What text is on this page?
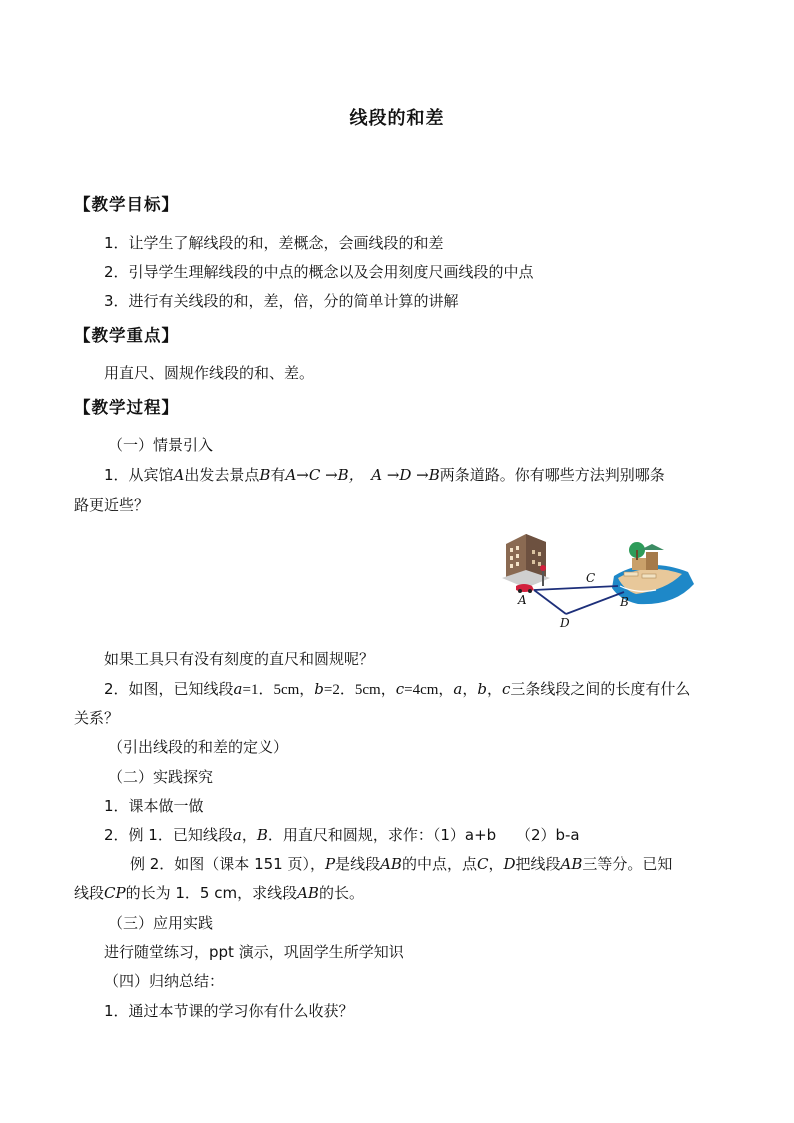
线段的和差
【教学目标】
1．让学生了解线段的和，差概念，会画线段的和差
2．引导学生理解线段的中点的概念以及会用刻度尺画线段的中点
3．进行有关线段的和，差，倍，分的简单计算的讲解
【教学重点】
用直尺、圆规作线段的和、差。
【教学过程】
（一）情景引入
1．从宾馆A出发去景点B有A→C →B，　 A →D →B两条道路。你有哪些方法判别哪条
路更近些？
A
C
B
D
如果工具只有没有刻度的直尺和圆规呢？
2．如图，已知线段a=1．5cm，b=2．5cm，c=4cm，a，b，c三条线段之间的长度有什么
关系？
（引出线段的和差的定义）
（二）实践探究
1．课本做一做
2．例 1．已知线段a，B．用直尺和圆规，求作：（1）a+b　 （2）b-a
例 2．如图（课本 151 页），P是线段AB的中点，点C，D把线段AB三等分。已知
线段CP的长为 1．5 cm，求线段AB的长。
（三）应用实践
进行随堂练习，ppt 演示，巩固学生所学知识
（四）归纳总结：
1．通过本节课的学习你有什么收获？
